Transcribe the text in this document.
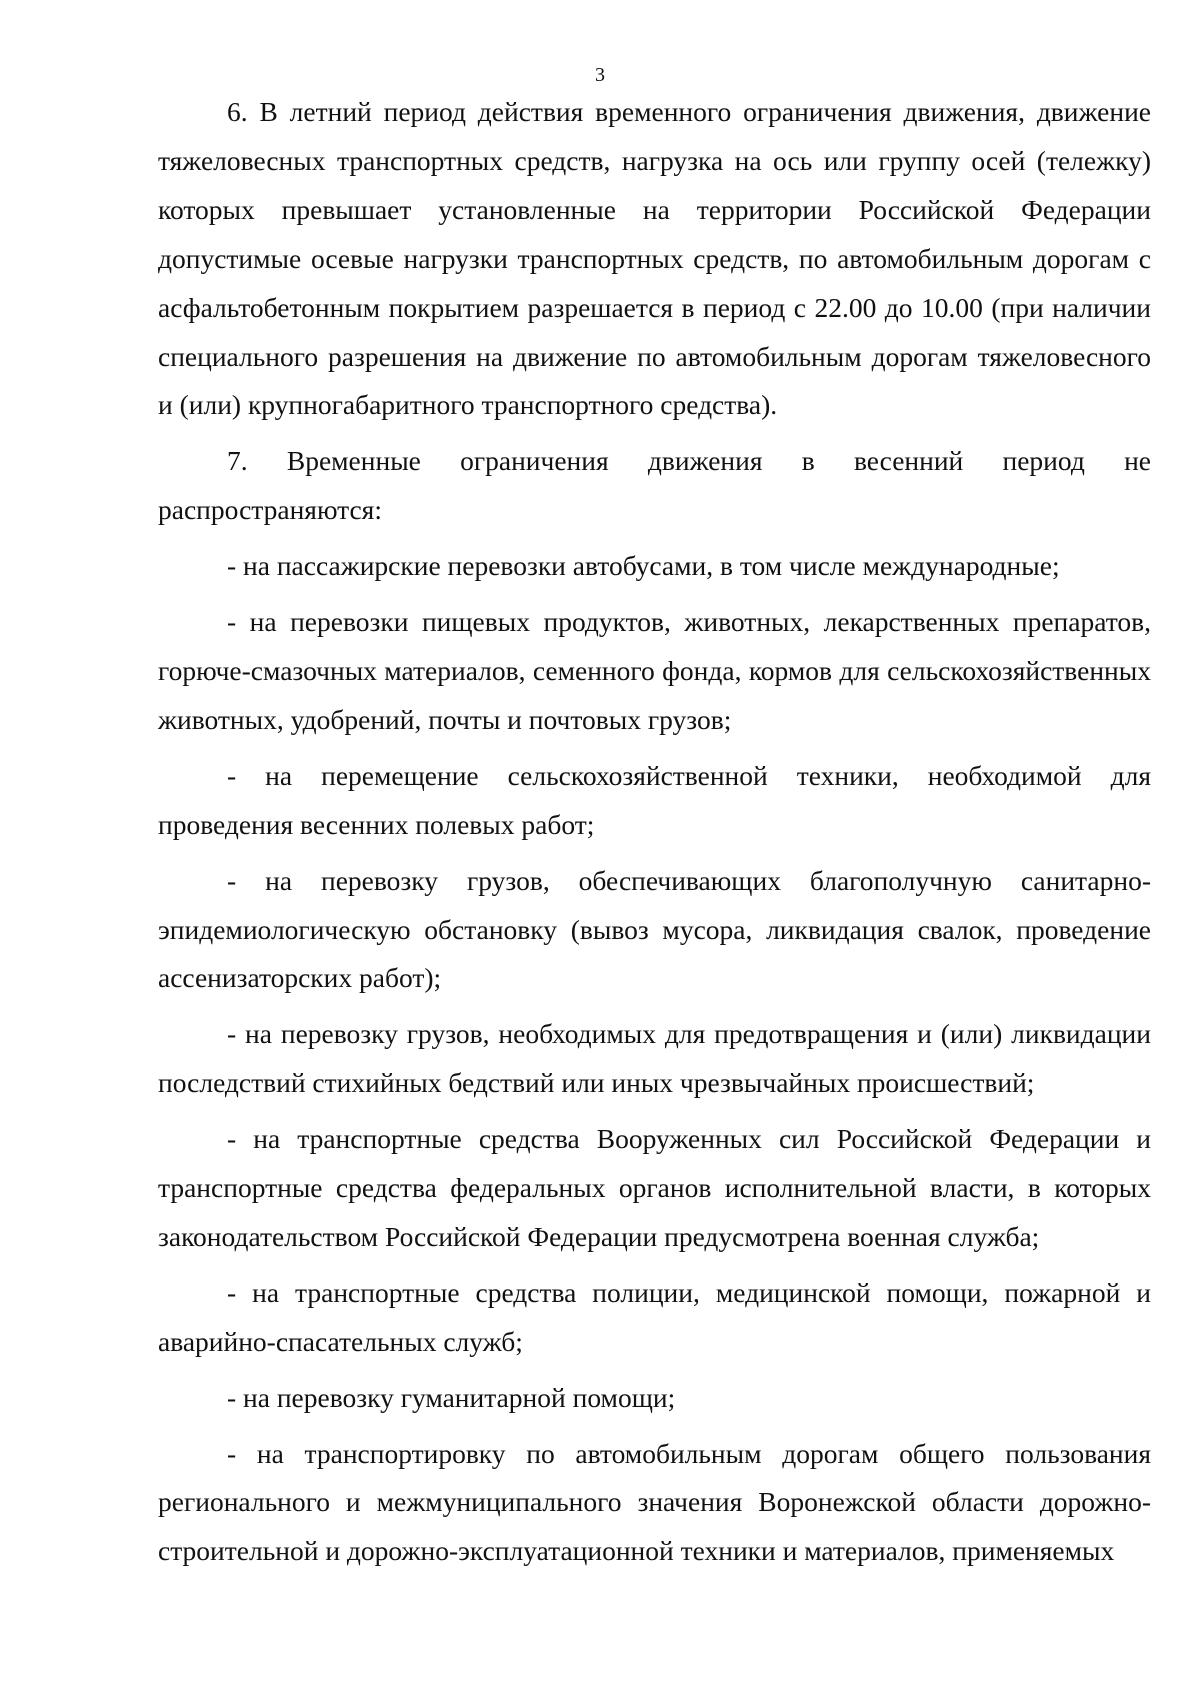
3

6. В летний период действия временного ограничения движения, движение тяжеловесных транспортных средств, нагрузка на ось или группу осей (тележку) которых превышает установленные на территории Российской Федерации допустимые осевые нагрузки транспортных средств, по автомобильным дорогам с асфальтобетонным покрытием разрешается в период с 22.00 до 10.00 (при наличии специального разрешения на движение по автомобильным дорогам тяжеловесного и (или) крупногабаритного транспортного средства).

7. Временные ограничения движения в весенний период не распространяются:

- на пассажирские перевозки автобусами, в том числе международные;

- на перевозки пищевых продуктов, животных, лекарственных препаратов, горюче-смазочных материалов, семенного фонда, кормов для сельскохозяйственных животных, удобрений, почты и почтовых грузов;

- на перемещение сельскохозяйственной техники, необходимой для проведения весенних полевых работ;

- на перевозку грузов, обеспечивающих благополучную санитарно-эпидемиологическую обстановку (вывоз мусора, ликвидация свалок, проведение ассенизаторских работ);

- на перевозку грузов, необходимых для предотвращения и (или) ликвидации последствий стихийных бедствий или иных чрезвычайных происшествий;

- на транспортные средства Вооруженных сил Российской Федерации и транспортные средства федеральных органов исполнительной власти, в которых законодательством Российской Федерации предусмотрена военная служба;

- на транспортные средства полиции, медицинской помощи, пожарной и аварийно-спасательных служб;

- на перевозку гуманитарной помощи;

- на транспортировку по автомобильным дорогам общего пользования регионального и межмуниципального значения Воронежской области дорожно-строительной и дорожно-эксплуатационной техники и материалов, применяемых
